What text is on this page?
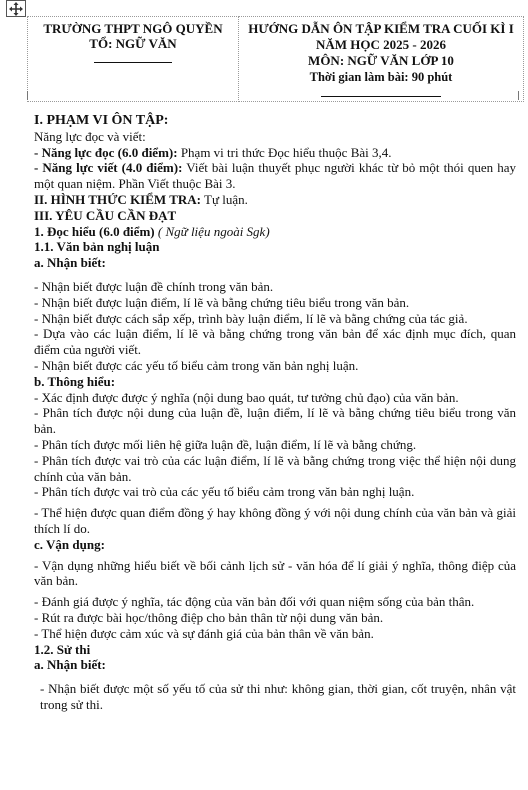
TRƯỜNG THPT NGÔ QUYỀN
TỔ: NGỮ VĂN

HƯỚNG DẪN ÔN TẬP KIỂM TRA CUỐI KÌ I
NĂM HỌC 2025 - 2026
MÔN: NGỮ VĂN LỚP 10
Thời gian làm bài: 90 phút

I. PHẠM VI ÔN TẬP:

Năng lực đọc và viết:

- Năng lực đọc (6.0 điểm): Phạm vi tri thức Đọc hiểu thuộc Bài 3,4.

- Năng lực viết (4.0 điểm): Viết bài luận thuyết phục người khác từ bỏ một thói quen hay một quan niệm. Phần Viết thuộc Bài 3.

II. HÌNH THỨC KIỂM TRA: Tự luận.

III. YÊU CẦU CẦN ĐẠT

1. Đọc hiểu (6.0 điểm) ( Ngữ liệu ngoài Sgk)

1.1. Văn bản nghị luận

a. Nhận biết:

- Nhận biết được luận đề chính trong văn bản.

- Nhận biết được luận điểm, lí lẽ và bằng chứng tiêu biểu trong văn bản.

- Nhận biết được cách sắp xếp, trình bày luận điểm, lí lẽ và bằng chứng của tác giả.

- Dựa vào các luận điểm, lí lẽ và bằng chứng trong văn bản để xác định mục đích, quan điểm của người viết.

- Nhận biết được các yếu tố biểu cảm trong văn bản nghị luận.

b. Thông hiểu:

- Xác định được được ý nghĩa (nội dung bao quát, tư tưởng chủ đạo) của văn bản.

- Phân tích được nội dung của luận đề, luận điểm, lí lẽ và bằng chứng tiêu biểu trong văn bản.

- Phân tích được mối liên hệ giữa luận đề, luận điểm, lí lẽ và bằng chứng.

- Phân tích được vai trò của các luận điểm, lí lẽ và bằng chứng trong việc thể hiện nội dung chính của văn bản.

- Phân tích được vai trò của các yếu tố biểu cảm trong văn bản nghị luận.

- Thể hiện được quan điểm đồng ý hay không đồng ý với nội dung chính của văn bản và giải thích lí do.

c. Vận dụng:

- Vận dụng những hiểu biết về bối cảnh lịch sử - văn hóa để lí giải ý nghĩa, thông điệp của văn bản.

- Đánh giá được ý nghĩa, tác động của văn bản đối với quan niệm sống của bản thân.

- Rút ra được bài học/thông điệp cho bản thân từ nội dung văn bản.

- Thể hiện được cảm xúc và sự đánh giá của bản thân về văn bản.

1.2. Sử thi

a. Nhận biết:

- Nhận biết được một số yếu tố của sử thi như: không gian, thời gian, cốt truyện, nhân vật trong sử thi.
